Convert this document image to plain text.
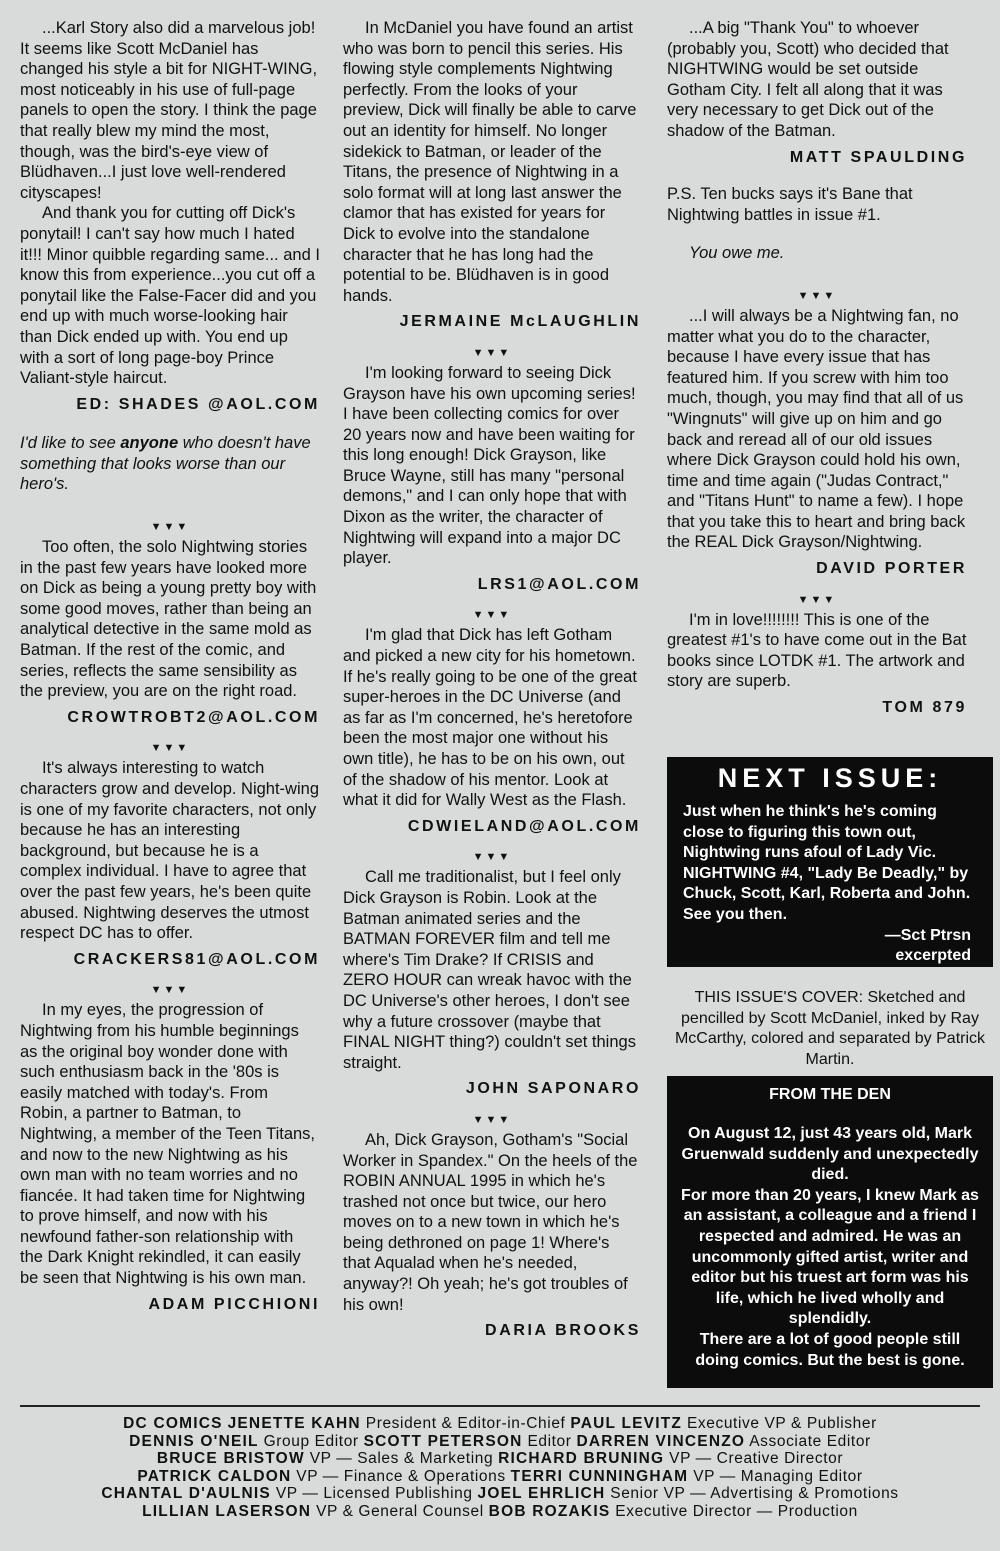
...Karl Story also did a marvelous job! It seems like Scott McDaniel has changed his style a bit for NIGHT-WING, most noticeably in his use of full-page panels to open the story. I think the page that really blew my mind the most, though, was the bird's-eye view of Blüdhaven...I just love well-rendered cityscapes!

And thank you for cutting off Dick's ponytail! I can't say how much I hated it!!! Minor quibble regarding same... and I know this from experience...you cut off a ponytail like the False-Facer did and you end up with much worse-looking hair than Dick ended up with. You end up with a sort of long page-boy Prince Valiant-style haircut.

ED: SHADES @AOL.COM

I'd like to see anyone who doesn't have something that looks worse than our hero's.

▼▼▼

Too often, the solo Nightwing stories in the past few years have looked more on Dick as being a young pretty boy with some good moves, rather than being an analytical detective in the same mold as Batman. If the rest of the comic, and series, reflects the same sensibility as the preview, you are on the right road.

CROWTROBT2@AOL.COM
▼▼▼

It's always interesting to watch characters grow and develop. Night-wing is one of my favorite characters, not only because he has an interesting background, but because he is a complex individual. I have to agree that over the past few years, he's been quite abused. Nightwing deserves the utmost respect DC has to offer.

CRACKERS81@AOL.COM
▼▼▼

In my eyes, the progression of Nightwing from his humble beginnings as the original boy wonder done with such enthusiasm back in the '80s is easily matched with today's. From Robin, a partner to Batman, to Nightwing, a member of the Teen Titans, and now to the new Nightwing as his own man with no team worries and no fiancée. It had taken time for Nightwing to prove himself, and now with his newfound father-son relationship with the Dark Knight rekindled, it can easily be seen that Nightwing is his own man.

ADAM PICCHIONI

In McDaniel you have found an artist who was born to pencil this series. His flowing style complements Nightwing perfectly. From the looks of your preview, Dick will finally be able to carve out an identity for himself. No longer sidekick to Batman, or leader of the Titans, the presence of Nightwing in a solo format will at long last answer the clamor that has existed for years for Dick to evolve into the standalone character that he has long had the potential to be. Blüdhaven is in good hands.

JERMAINE McLAUGHLIN
▼▼▼

I'm looking forward to seeing Dick Grayson have his own upcoming series! I have been collecting comics for over 20 years now and have been waiting for this long enough! Dick Grayson, like Bruce Wayne, still has many "personal demons," and I can only hope that with Dixon as the writer, the character of Nightwing will expand into a major DC player.

LRS1@AOL.COM
▼▼▼

I'm glad that Dick has left Gotham and picked a new city for his hometown. If he's really going to be one of the great super-heroes in the DC Universe (and as far as I'm concerned, he's heretofore been the most major one without his own title), he has to be on his own, out of the shadow of his mentor. Look at what it did for Wally West as the Flash.

CDWIELAND@AOL.COM
▼▼▼

Call me traditionalist, but I feel only Dick Grayson is Robin. Look at the Batman animated series and the BATMAN FOREVER film and tell me where's Tim Drake? If CRISIS and ZERO HOUR can wreak havoc with the DC Universe's other heroes, I don't see why a future crossover (maybe that FINAL NIGHT thing?) couldn't set things straight.

JOHN SAPONARO
▼▼▼

Ah, Dick Grayson, Gotham's "Social Worker in Spandex." On the heels of the ROBIN ANNUAL 1995 in which he's trashed not once but twice, our hero moves on to a new town in which he's being dethroned on page 1! Where's that Aqualad when he's needed, anyway?! Oh yeah; he's got troubles of his own!

DARIA BROOKS

...A big "Thank You" to whoever (probably you, Scott) who decided that NIGHTWING would be set outside Gotham City. I felt all along that it was very necessary to get Dick out of the shadow of the Batman.

MATT SPAULDING

P.S. Ten bucks says it's Bane that Nightwing battles in issue #1.

You owe me.

▼▼▼

...I will always be a Nightwing fan, no matter what you do to the character, because I have every issue that has featured him. If you screw with him too much, though, you may find that all of us "Wingnuts" will give up on him and go back and reread all of our old issues where Dick Grayson could hold his own, time and time again ("Judas Contract," and "Titans Hunt" to name a few). I hope that you take this to heart and bring back the REAL Dick Grayson/Nightwing.

DAVID PORTER
▼▼▼

I'm in love!!!!!!!! This is one of the greatest #1's to have come out in the Bat books since LOTDK #1. The artwork and story are superb.

TOM 879
NEXT ISSUE:
Just when he think's he's coming close to figuring this town out, Nightwing runs afoul of Lady Vic. NIGHTWING #4, "Lady Be Deadly," by Chuck, Scott, Karl, Roberta and John. See you then.
—Sct Ptrsn
excerpted
THIS ISSUE'S COVER: Sketched and pencilled by Scott McDaniel, inked by Ray McCarthy, colored and separated by Patrick Martin.
FROM THE DEN
On August 12, just 43 years old, Mark Gruenwald suddenly and unexpectedly died.
For more than 20 years, I knew Mark as an assistant, a colleague and a friend I respected and admired. He was an uncommonly gifted artist, writer and editor but his truest art form was his life, which he lived wholly and splendidly.
There are a lot of good people still doing comics. But the best is gone.
DC COMICS JENETTE KAHN President & Editor-in-Chief PAUL LEVITZ Executive VP & Publisher
DENNIS O'NEIL Group Editor SCOTT PETERSON Editor DARREN VINCENZO Associate Editor
BRUCE BRISTOW VP — Sales & Marketing RICHARD BRUNING VP — Creative Director
PATRICK CALDON VP — Finance & Operations TERRI CUNNINGHAM VP — Managing Editor
CHANTAL D'AULNIS VP — Licensed Publishing JOEL EHRLICH Senior VP — Advertising & Promotions
LILLIAN LASERSON VP & General Counsel BOB ROZAKIS Executive Director — Production
